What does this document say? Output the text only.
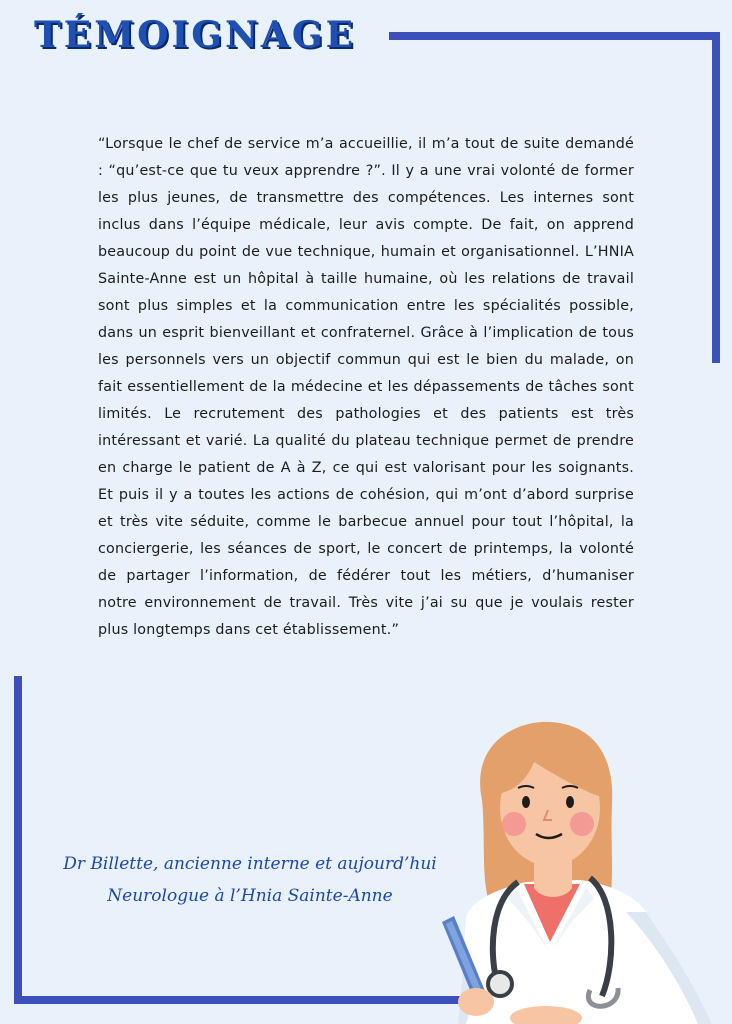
TÉMOIGNAGE

“Lorsque le chef de service m’a accueillie, il m’a tout de suite demandé : “qu’est-ce que tu veux apprendre ?”. Il y a une vrai volonté de former les plus jeunes, de transmettre des compétences. Les internes sont inclus dans l’équipe médicale, leur avis compte. De fait, on apprend beaucoup du point de vue technique, humain et organisationnel. L’HNIA Sainte-Anne est un hôpital à taille humaine, où les relations de travail sont plus simples et la communication entre les spécialités possible, dans un esprit bienveillant et confraternel. Grâce à l’implication de tous les personnels vers un objectif commun qui est le bien du malade, on fait essentiellement de la médecine et les dépassements de tâches sont limités. Le recrutement des pathologies et des patients est très intéressant et varié. La qualité du plateau technique permet de prendre en charge le patient de A à Z, ce qui est valorisant pour les soignants. Et puis il y a toutes les actions de cohésion, qui m’ont d’abord surprise et très vite séduite, comme le barbecue annuel pour tout l’hôpital, la conciergerie, les séances de sport, le concert de printemps, la volonté de partager l’information, de fédérer tout les métiers, d’humaniser notre environnement de travail. Très vite j’ai su que je voulais rester plus longtemps dans cet établissement.”

Dr Billette, ancienne interne et aujourd’hui
Neurologue à l’Hnia Sainte-Anne
